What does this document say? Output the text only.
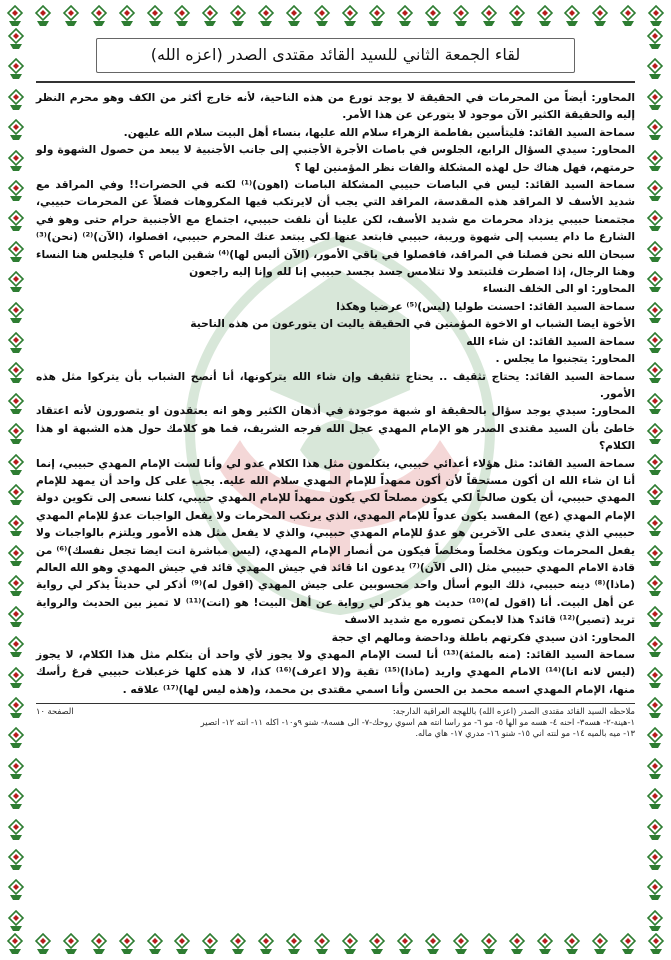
لقاء الجمعة الثاني للسيد القائد مقتدى الصدر (اعزه الله)

المحاور: أيضاً من المحرمات في الحقيقة لا يوجد تورع من هذه الناحية، لأنه خارج أكثر من الكف وهو محرم النظر إليه والحقيقة الكثير الآن موجود لا يتورعن عن هذا الأمر.

سماحة السيد القائد: فليتأسين بفاطمة الزهراء سلام الله عليها، بنساء أهل البيت سلام الله عليهن.

المحاور: سيدي السؤال الرابع، الجلوس في باصات الأجرة الأجنبي إلى جانب الأجنبية لا يبعد من حصول الشهوة ولو حرمتهم، فهل هناك حل لهذه المشكلة والفات نظر المؤمنين لها ؟

سماحة السيد القائد: ليس في الباصات حبيبي المشكلة الباصات (اهون)⁽¹⁾ لكنه في الحضرات!! وفي المراقد مع شديد الأسف لا المراقد هذه المقدسة، المراقد التي يجب أن لايرتكب فيها المكروهات فضلاً عن المحرمات حبيبي، مجتمعنا حبيبي يزداد محرمات مع شديد الأسف، لكن علينا أن نلفت حبيبي، اجتماع مع الأجنبية حرام حتى وهو في الشارع ما دام يسبب إلى شهوة وريبة، حبيبي فابتعد عنها لكي يبتعد عنك المحرم حبيبي، افصلوا، (الآن)⁽²⁾ (نحن)⁽³⁾ سبحان الله نحن فصلنا في المراقد، فافصلوا في باقي الأمور، (الآن أليس لها)⁽⁴⁾ شقين الباص ؟ فليجلس هنا النساء وهنا الرجال، إذا اضطرت فلتبتعد ولا تتلامس جسد بجسد حبيبي إنا لله وإنا إليه راجعون

المحاور: او الى الخلف النساء

سماحة السيد القائد: احسنت طوليا (ليس)⁽⁵⁾ عرضيا وهكذا

الأخوة ايضا الشباب او الاخوة المؤمنين في الحقيقة ياليت ان يتورعون من هذه الناحية

سماحة السيد القائد: ان شاء الله

المحاور: يتجنبوا ما يجلس .

سماحة السيد القائد: يحتاج تثقيف .. يحتاج تثقيف وإن شاء الله يتركونها، أنا أنصح الشباب بأن يتركوا مثل هذه الأمور.

المحاور: سيدي يوجد سؤال بالحقيقة او شبهة موجودة في أذهان الكثير وهو انه يعتقدون او يتصورون لأنه اعتقاد خاطئ بأن السيد مقتدى الصدر هو الإمام المهدي عجل الله فرجه الشريف، فما هو كلامك حول هذه الشبهة او هذا الكلام؟

سماحة السيد القائد: مثل هؤلاء أعدائي حبيبي، يتكلمون مثل هذا الكلام عدو لي وأنا لست الإمام المهدي حبيبي، إنما أنا ان شاء الله ان أكون مستحقاً لأن أكون ممهداً للإمام المهدي سلام الله عليه. يجب على كل واحد أن يمهد للإمام المهدي حبيبي، أن يكون صالحاً لكي يكون مصلحاً لكي يكون ممهداً للإمام المهدي حبيبي، كلنا نسعى إلى تكوين دولة الإمام المهدي (عج) المفسد يكون عدواً للإمام المهدي، الذي يرتكب المحرمات ولا يفعل الواجبات عدوٌ للإمام المهدي حبيبي الذي يتعدى على الآخرين هو عدوٌ للإمام المهدي حبيبي، والذي لا يفعل مثل هذه الأمور ويلتزم بالواجبات ولا يفعل المحرمات ويكون مخلصاً ومخلصاً فيكون من أنصار الإمام المهدي، (ليس مباشرة انت ايضا تجعل نفسك)⁽⁶⁾ من قادة الامام المهدي حبيبي مثل (الى الآن)⁽⁷⁾ يدعون انا قائد في جيش المهدي قائد في جيش المهدي وهو الله العالم (ماذا)⁽⁸⁾ دينه حبيبي، ذلك اليوم أسأل واحد محسوبين على جيش المهدي (اقول له)⁽⁹⁾ أذكر لي حديثاً يذكر لي رواية عن أهل البيت. أنا (اقول له)⁽¹⁰⁾ حديث هو يذكر لي رواية عن أهل البيت! هو (انت)⁽¹¹⁾ لا تميز بين الحديث والرواية تريد (تصير)⁽¹²⁾ قائد؟ هذا لايمكن تصوره مع شديد الاسف

المحاور: اذن سيدي فكرتهم باطلة وداحضة ومالهم اي حجة

سماحة السيد القائد: (منه بالمئة)⁽¹³⁾ أنا لست الإمام المهدي ولا يجوز لأي واحد أن يتكلم مثل هذا الكلام، لا يجوز (ليس لانه انا)⁽¹⁴⁾ الامام المهدي واريد (ماذا)⁽¹⁵⁾ تقية و(لا اعرف)⁽¹⁶⁾ كذا، لا هذه كلها خزعبلات حبيبي فرغ رأسك منها، الإمام المهدي اسمه محمد بن الحسن وأنا اسمي مقتدى بن محمد، و(هذه ليس لها)⁽¹⁷⁾ علاقه .

ملاحظه السيد القائد مقتدى الصدر (اعزه الله) باللهجة العراقية الدارجة:
الصفحة ١٠
١-هينة-٢- هسه٣- احنه ٤- هسه مو الها ٥- مو ٦- مو راسا انته هم اسوي روحك-٧- الى هسه٨- شنو ٩و١٠- اكله ١١- انته ١٢- اتصير
١٣- ميه بالميه ١٤- مو لنته اني ١٥- شنو ١٦- مدري ١٧- هاي ماله.
